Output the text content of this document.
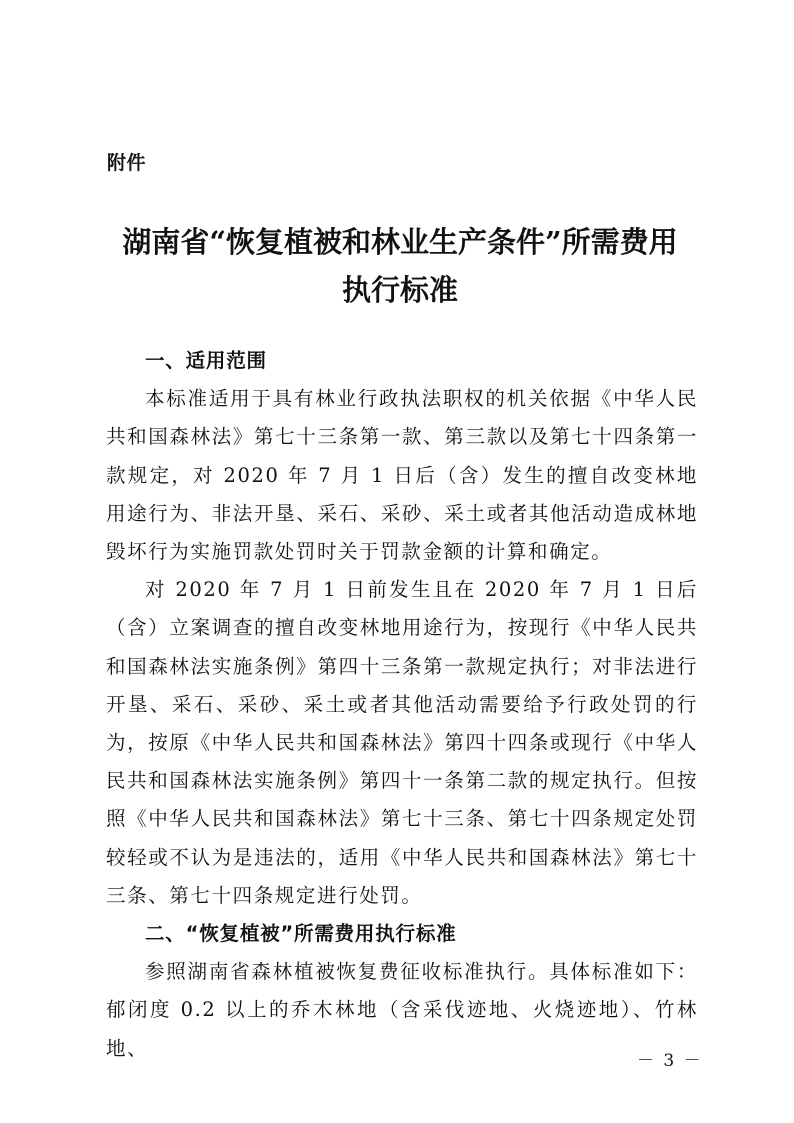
附件
湖南省“恢复植被和林业生产条件”所需费用
执行标准
一、适用范围

本标准适用于具有林业行政执法职权的机关依据《中华人民共和国森林法》第七十三条第一款、第三款以及第七十四条第一款规定，对 2020 年 7 月 1 日后（含）发生的擅自改变林地用途行为、非法开垦、采石、采砂、采土或者其他活动造成林地毁坏行为实施罚款处罚时关于罚款金额的计算和确定。

对 2020 年 7 月 1 日前发生且在 2020 年 7 月 1 日后（含）立案调查的擅自改变林地用途行为，按现行《中华人民共和国森林法实施条例》第四十三条第一款规定执行；对非法进行开垦、采石、采砂、采土或者其他活动需要给予行政处罚的行为，按原《中华人民共和国森林法》第四十四条或现行《中华人民共和国森林法实施条例》第四十一条第二款的规定执行。但按照《中华人民共和国森林法》第七十三条、第七十四条规定处罚较轻或不认为是违法的，适用《中华人民共和国森林法》第七十三条、第七十四条规定进行处罚。

二、“恢复植被”所需费用执行标准

参照湖南省森林植被恢复费征收标准执行。具体标准如下：郁闭度 0.2 以上的乔木林地（含采伐迹地、火烧迹地）、竹林地、

－ 3 －
